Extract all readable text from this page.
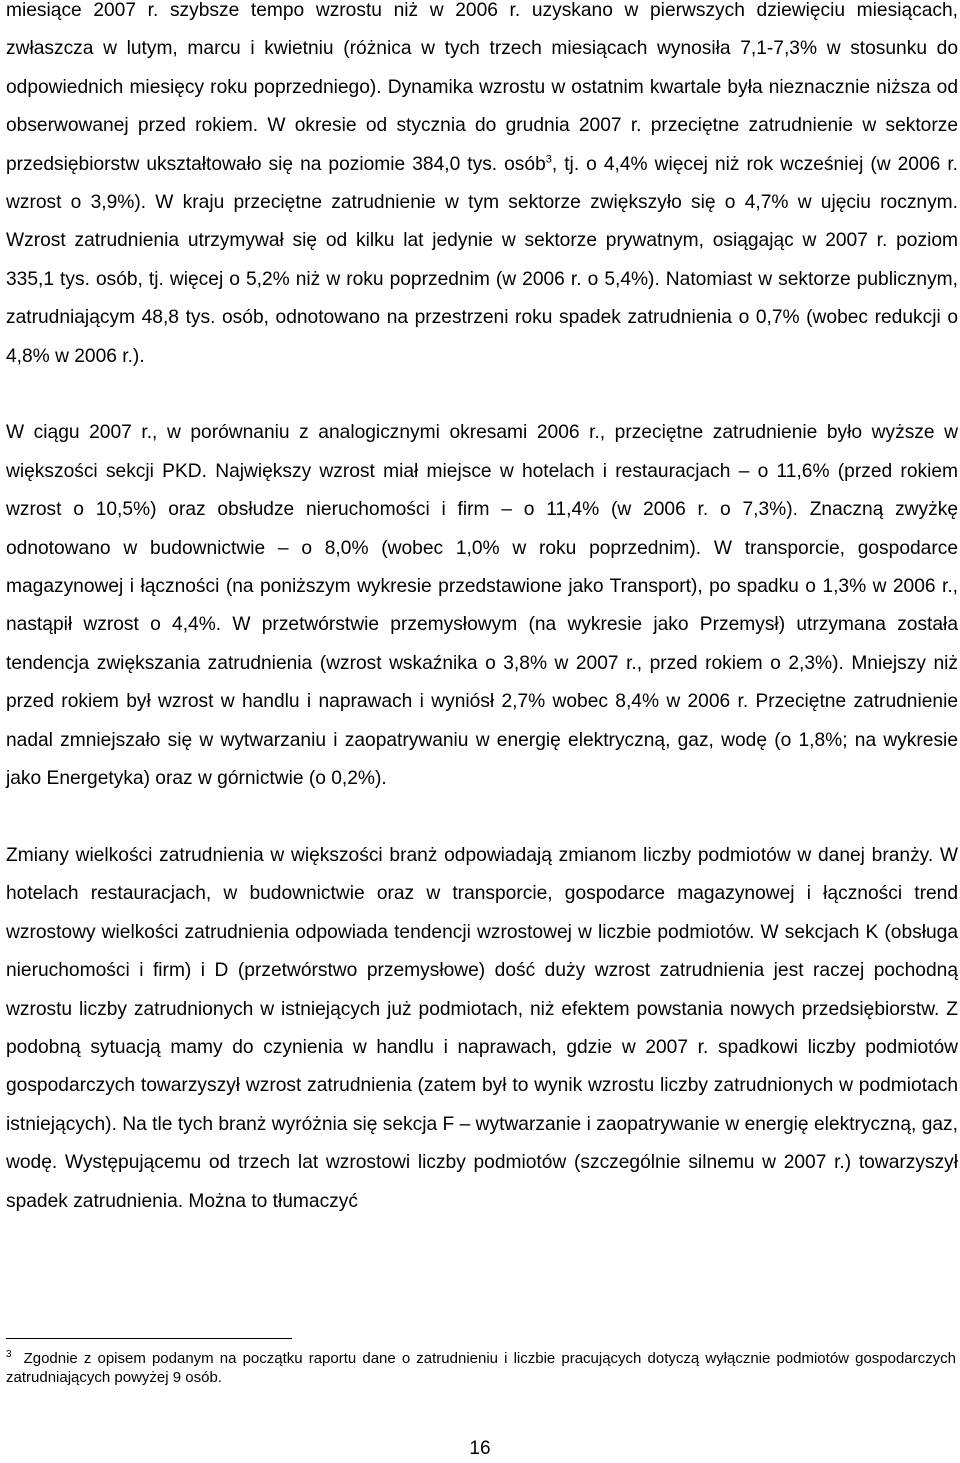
miesiące 2007 r. szybsze tempo wzrostu niż w 2006 r. uzyskano w pierwszych dziewięciu miesiącach, zwłaszcza w lutym, marcu i kwietniu (różnica w tych trzech miesiącach wynosiła 7,1-7,3% w stosunku do odpowiednich miesięcy roku poprzedniego). Dynamika wzrostu w ostatnim kwartale była nieznacznie niższa od obserwowanej przed rokiem. W okresie od stycznia do grudnia 2007 r. przeciętne zatrudnienie w sektorze przedsiębiorstw ukształtowało się na poziomie 384,0 tys. osób$^3$, tj. o 4,4% więcej niż rok wcześniej (w 2006 r. wzrost o 3,9%). W kraju przeciętne zatrudnienie w tym sektorze zwiększyło się o 4,7% w ujęciu rocznym. Wzrost zatrudnienia utrzymywał się od kilku lat jedynie w sektorze prywatnym, osiągając w 2007 r. poziom 335,1 tys. osób, tj. więcej o 5,2% niż w roku poprzednim (w 2006 r. o 5,4%). Natomiast w sektorze publicznym, zatrudniającym 48,8 tys. osób, odnotowano na przestrzeni roku spadek zatrudnienia o 0,7% (wobec redukcji o 4,8% w 2006 r.).

W ciągu 2007 r., w porównaniu z analogicznymi okresami 2006 r., przeciętne zatrudnienie było wyższe w większości sekcji PKD. Największy wzrost miał miejsce w hotelach i restauracjach – o 11,6% (przed rokiem wzrost o 10,5%) oraz obsłudze nieruchomości i firm – o 11,4% (w 2006 r. o 7,3%). Znaczną zwyżkę odnotowano w budownictwie – o 8,0% (wobec 1,0% w roku poprzednim). W transporcie, gospodarce magazynowej i łączności (na poniższym wykresie przedstawione jako Transport), po spadku o 1,3% w 2006 r., nastąpił wzrost o 4,4%. W przetwórstwie przemysłowym (na wykresie jako Przemysł) utrzymana została tendencja zwiększania zatrudnienia (wzrost wskaźnika o 3,8% w 2007 r., przed rokiem o 2,3%). Mniejszy niż przed rokiem był wzrost w handlu i naprawach i wyniósł 2,7% wobec 8,4% w 2006 r. Przeciętne zatrudnienie nadal zmniejszało się w wytwarzaniu i zaopatrywaniu w energię elektryczną, gaz, wodę (o 1,8%; na wykresie jako Energetyka) oraz w górnictwie (o 0,2%).

Zmiany wielkości zatrudnienia w większości branż odpowiadają zmianom liczby podmiotów w danej branży. W hotelach restauracjach, w budownictwie oraz w transporcie, gospodarce magazynowej i łączności trend wzrostowy wielkości zatrudnienia odpowiada tendencji wzrostowej w liczbie podmiotów. W sekcjach K (obsługa nieruchomości i firm) i D (przetwórstwo przemysłowe) dość duży wzrost zatrudnienia jest raczej pochodną wzrostu liczby zatrudnionych w istniejących już podmiotach, niż efektem powstania nowych przedsiębiorstw. Z podobną sytuacją mamy do czynienia w handlu i naprawach, gdzie w 2007 r. spadkowi liczby podmiotów gospodarczych towarzyszył wzrost zatrudnienia (zatem był to wynik wzrostu liczby zatrudnionych w podmiotach istniejących). Na tle tych branż wyróżnia się sekcja F – wytwarzanie i zaopatrywanie w energię elektryczną, gaz, wodę. Występującemu od trzech lat wzrostowi liczby podmiotów (szczególnie silnemu w 2007 r.) towarzyszył spadek zatrudnienia. Można to tłumaczyć

$^3$ Zgodnie z opisem podanym na początku raportu dane o zatrudnieniu i liczbie pracujących dotyczą wyłącznie podmiotów gospodarczych zatrudniających powyżej 9 osób.
16
